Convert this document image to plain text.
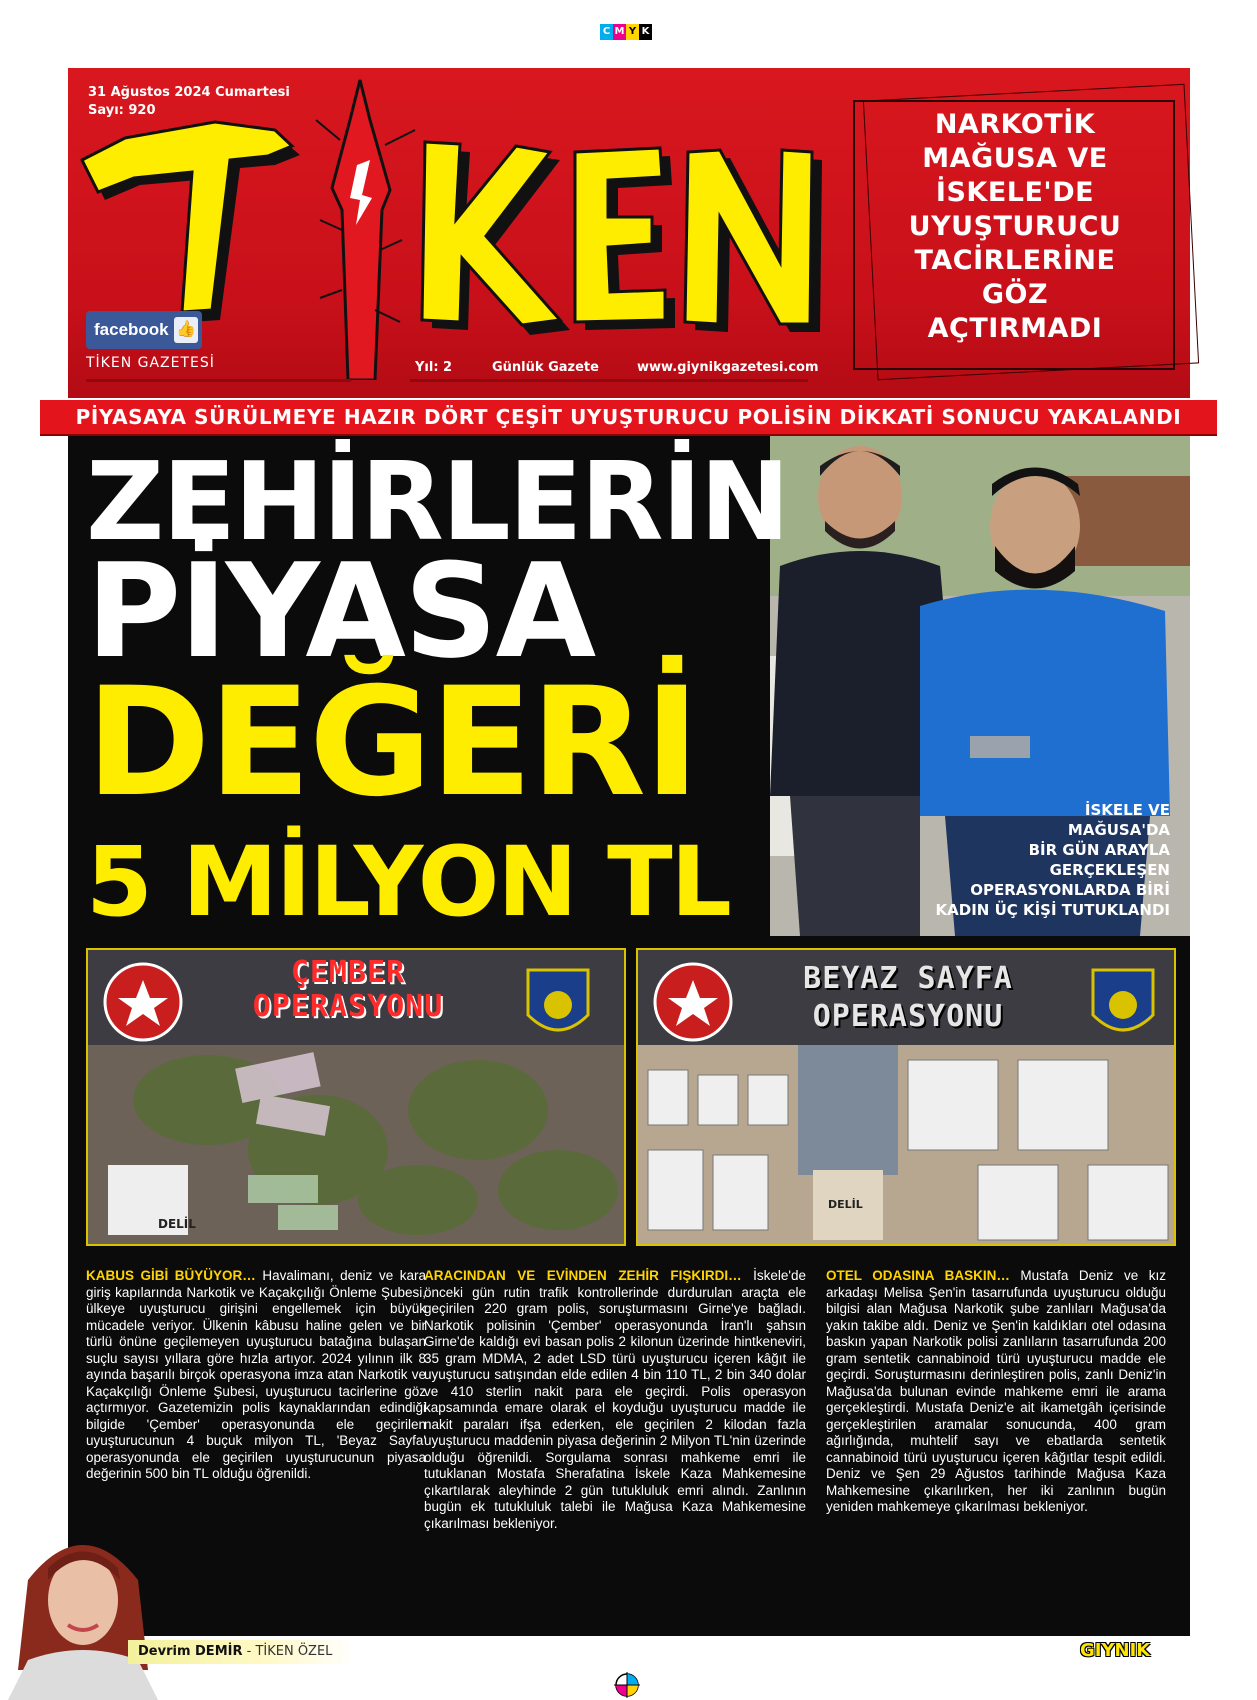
C M Y K
31 Ağustos 2024 Cumartesi
Sayı: 920
facebook 👍
TİKEN GAZETESİ	Yıl: 2	Günlük Gazete	www.giynikgazetesi.com
NARKOTİK
MAĞUSA VE
İSKELE'DE
UYUŞTURUCU
TACİRLERİNE
GÖZ
AÇTIRMADI
PİYASAYA SÜRÜLMEYE HAZIR DÖRT ÇEŞİT UYUŞTURUCU POLİSİN DİKKATİ SONUCU YAKALANDI
ZEHİRLERİN
PİYASA
DEĞERİ
5 MİLYON TL
İSKELE VE
MAĞUSA'DA
BİR GÜN ARAYLA
GERÇEKLEŞEN
OPERASYONLARDA BİRİ
KADIN ÜÇ KİŞİ TUTUKLANDI
DELİL
ÇEMBER
OPERASYONU
DELİL
BEYAZ SAYFA
OPERASYONU
KABUS GİBİ BÜYÜYOR… Havalimanı, deniz ve kara giriş kapılarında Narkotik ve Kaçakçılığı Önleme Şubesi, ülkeye uyuşturucu girişini engellemek için büyük mücadele veriyor. Ülkenin kâbusu haline gelen ve bir türlü önüne geçilemeyen uyuşturucu batağına bulaşan suçlu sayısı yıllara göre hızla artıyor. 2024 yılının ilk 8 ayında başarılı birçok operasyona imza atan Narkotik ve Kaçakçılığı Önleme Şubesi, uyuşturucu tacirlerine göz açtırmıyor. Gazetemizin polis kaynaklarından edindiği bilgide 'Çember' operasyonunda ele geçirilen uyuşturucunun 4 buçuk milyon TL, 'Beyaz Sayfa' operasyonunda ele geçirilen uyuşturucunun piyasa değerinin 500 bin TL olduğu öğrenildi.
ARACINDAN VE EVİNDEN ZEHİR FIŞKIRDI… İskele'de önceki gün rutin trafik kontrollerinde durdurulan araçta ele geçirilen 220 gram polis, soruşturmasını Girne'ye bağladı. Narkotik polisinin 'Çember' operasyonunda İran'lı şahsın Girne'de kaldığı evi basan polis 2 kilonun üzerinde hintkeneviri, 35 gram MDMA, 2 adet LSD türü uyuşturucu içeren kâğıt ile uyuşturucu satışından elde edilen 4 bin 110 TL, 2 bin 340 dolar ve 410 sterlin nakit para ele geçirdi. Polis operasyon kapsamında emare olarak el koyduğu uyuşturucu madde ile nakit paraları ifşa ederken, ele geçirilen 2 kilodan fazla uyuşturucu maddenin piyasa değerinin 2 Milyon TL'nin üzerinde olduğu öğrenildi. Sorgulama sonrası mahkeme emri ile tutuklanan Mostafa Sherafatina İskele Kaza Mahkemesine çıkartılarak aleyhinde 2 gün tutukluluk emri alındı. Zanlının bugün ek tutukluluk talebi ile Mağusa Kaza Mahkemesine çıkarılması bekleniyor.
OTEL ODASINA BASKIN… Mustafa Deniz ve kız arkadaşı Melisa Şen'in tasarrufunda uyuşturucu olduğu bilgisi alan Mağusa Narkotik şube zanlıları Mağusa'da yakın takibe aldı. Deniz ve Şen'in kaldıkları otel odasına baskın yapan Narkotik polisi zanlıların tasarrufunda 200 gram sentetik cannabinoid türü uyuşturucu madde ele geçirdi. Soruşturmasını derinleştiren polis, zanlı Deniz'in Mağusa'da bulunan evinde mahkeme emri ile arama gerçekleştirdi. Mustafa Deniz'e ait ikametgâh içerisinde gerçekleştirilen aramalar sonucunda, 400 gram ağırlığında, muhtelif sayı ve ebatlarda sentetik cannabinoid türü uyuşturucu içeren kâğıtlar tespit edildi. Deniz ve Şen 29 Ağustos tarihinde Mağusa Kaza Mahkemesine çıkarılırken, her iki zanlının bugün yeniden mahkemeye çıkarılması bekleniyor.
Devrim DEMİR - TİKEN ÖZEL	GIYNIK
